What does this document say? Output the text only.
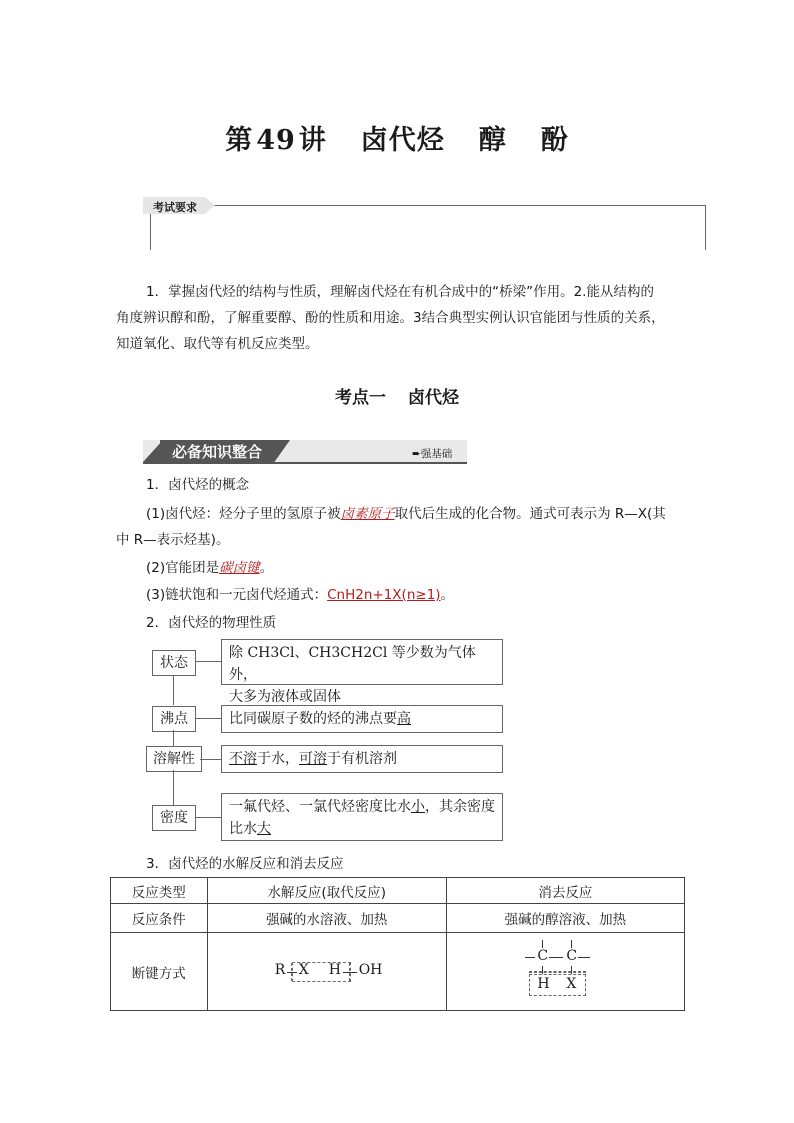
第 49 讲 卤代烃 醇 酚
考试要求
1．掌握卤代烃的结构与性质，理解卤代烃在有机合成中的“桥梁”作用。2.能从结构的
角度辨识醇和酚，了解重要醇、酚的性质和用途。3结合典型实例认识官能团与性质的关系，
知道氧化、取代等有机反应类型。
考点一 卤代烃
必备知识整合	➨强基础
1．卤代烃的概念
(1)卤代烃：烃分子里的氢原子被卤素原子取代后生成的化合物。通式可表示为 R—X(其
中 R—表示烃基)。
(2)官能团是碳卤键。
(3)链状饱和一元卤代烃通式：CnH2n+1X(n≥1)。
2．卤代烃的物理性质
状态
除 CH3Cl、CH3CH2Cl 等少数为气体外，
大多为液体或固体
沸点	比同碳原子数的烃的沸点要高
溶解性	不溶于水，可溶于有机溶剂
密度
一氟代烃、一氯代烃密度比水小，其余密度
比水大
3．卤代烃的水解反应和消去反应
反应类型	水解反应(取代反应)	消去反应
反应条件	强碱的水溶液、加热	强碱的醇溶液、加热
断键方式	R X H OH	C C
H X
